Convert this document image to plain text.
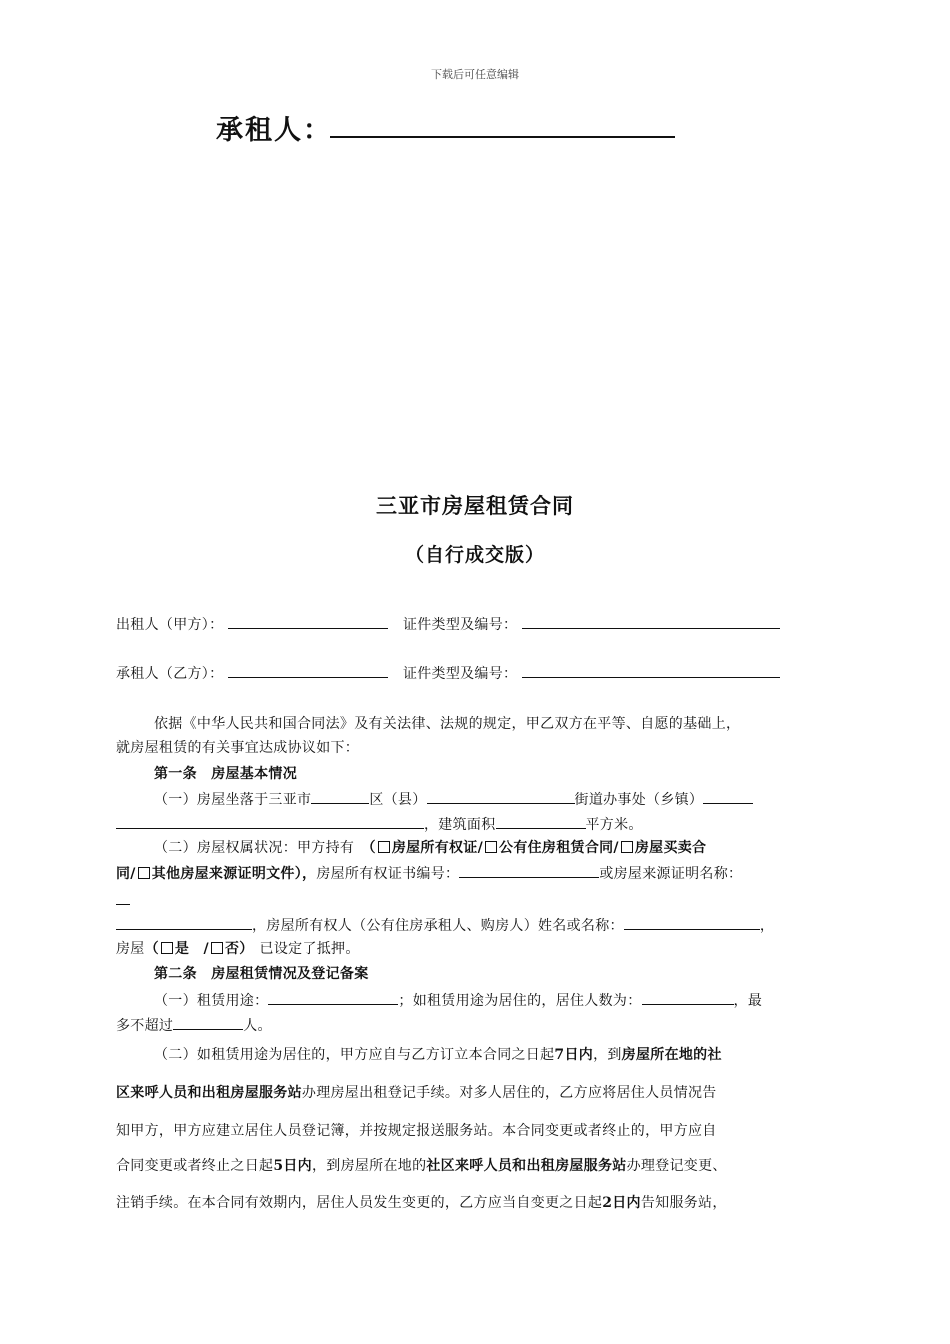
下载后可任意编辑
承租人：
三亚市房屋租赁合同
（自行成交版）
出租人（甲方）：	证件类型及编号：
承租人（乙方）：	证件类型及编号：
依据《中华人民共和国合同法》及有关法律、法规的规定，甲乙双方在平等、自愿的基础上，
就房屋租赁的有关事宜达成协议如下：
第一条　房屋基本情况
（一）房屋坐落于三亚市	区（县）	街道办事处（乡镇）
，建筑面积	平方米。
（二）房屋权属状况：甲方持有　（ 房屋所有权证/ 公有住房租赁合同/ 房屋买卖合
同/ 其他房屋来源证明文件），房屋所有权证书编号：	或房屋来源证明名称：
，房屋所有权人（公有住房承租人、购房人）姓名或名称：	，
房屋（ 是　/ 否） 已设定了抵押。
第二条　房屋租赁情况及登记备案
（一）租赁用途：	；如租赁用途为居住的，居住人数为：	，最
多不超过	人。
（二）如租赁用途为居住的，甲方应自与乙方订立本合同之日起7日内，到房屋所在地的社
区来呼人员和出租房屋服务站办理房屋出租登记手续。对多人居住的，乙方应将居住人员情况告
知甲方，甲方应建立居住人员登记簿，并按规定报送服务站。本合同变更或者终止的，甲方应自
合同变更或者终止之日起5日内，到房屋所在地的社区来呼人员和出租房屋服务站办理登记变更、
注销手续。在本合同有效期内，居住人员发生变更的，乙方应当自变更之日起2日内告知服务站，
